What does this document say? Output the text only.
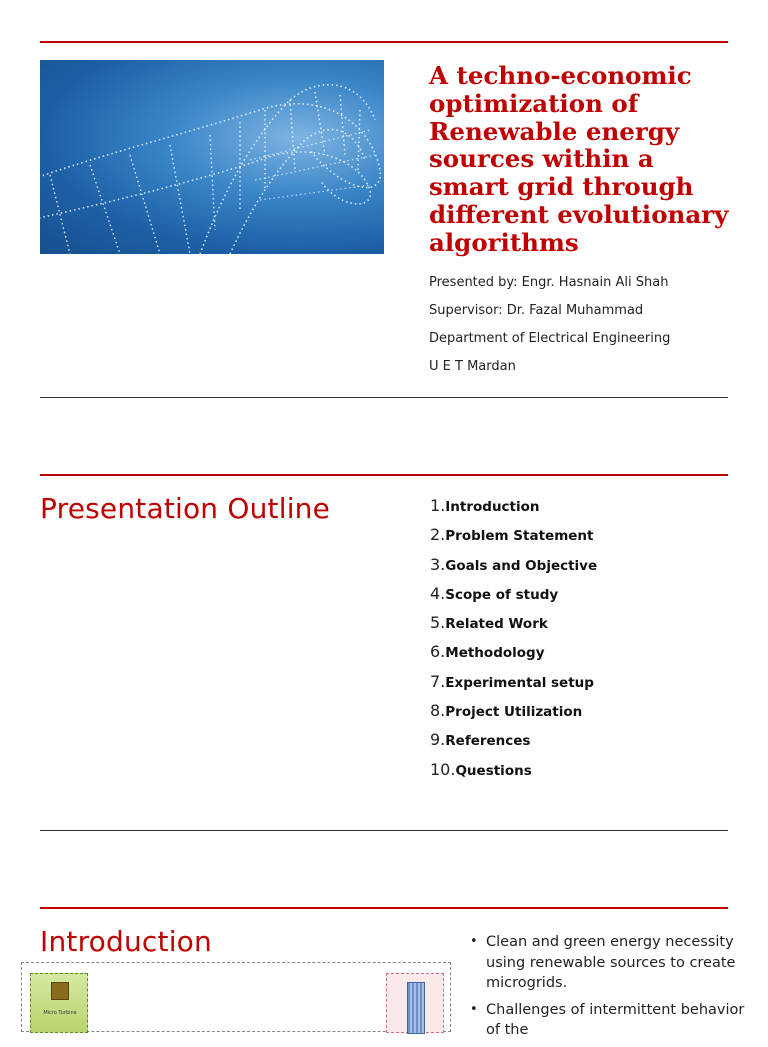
A techno-economic optimization of Renewable energy sources within a smart grid through different evolutionary algorithms
Presented by: Engr. Hasnain Ali Shah
Supervisor: Dr. Fazal Muhammad
Department of Electrical Engineering
U E T Mardan
Presentation Outline	1. Introduction
2. Problem Statement
3. Goals and Objective
4. Scope of study
5. Related Work
6. Methodology
7. Experimental setup
8. Project Utilization
9. References
10. Questions
Introduction
Micro Turbine
• Clean and green energy necessity using renewable sources to create microgrids.
• Challenges of intermittent behavior of the
